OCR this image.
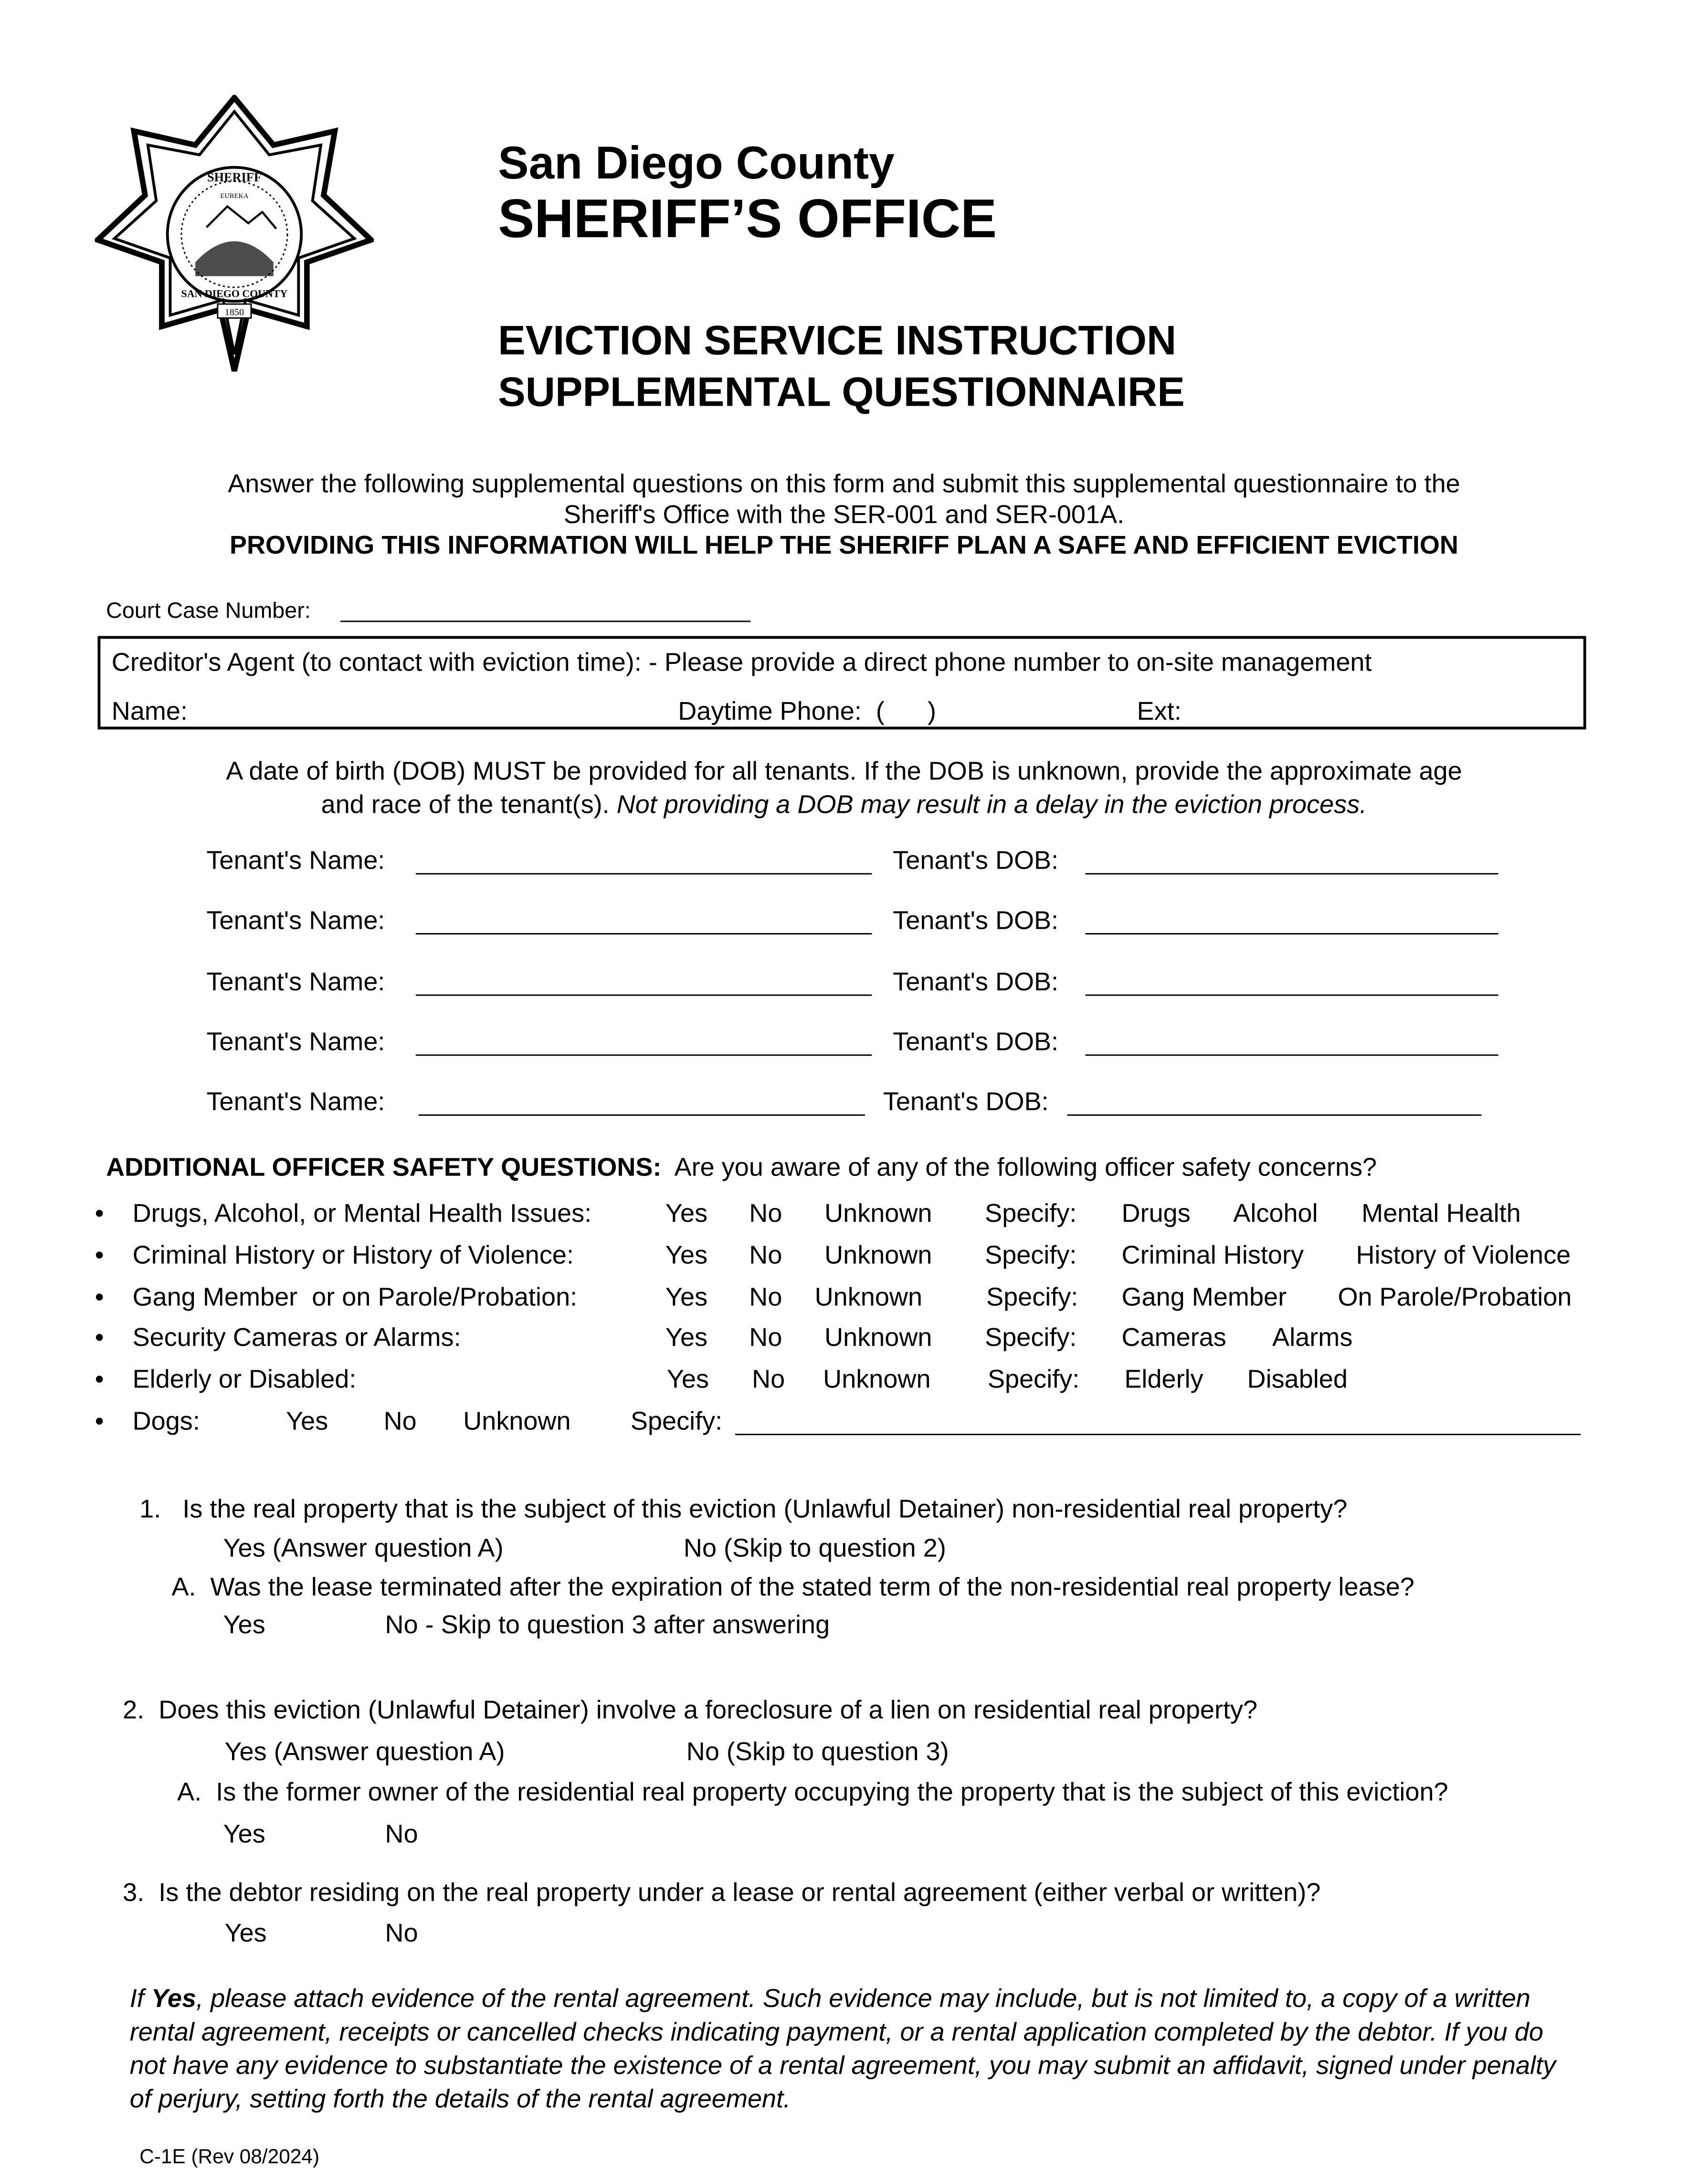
SHERIFF
EUREKA
SAN DIEGO COUNTY
1850
San Diego County
SHERIFF’S OFFICE
EVICTION SERVICE INSTRUCTION
SUPPLEMENTAL QUESTIONNAIRE
Answer the following supplemental questions on this form and submit this supplemental questionnaire to the
Sheriff's Office with the SER-001 and SER-001A.
PROVIDING THIS INFORMATION WILL HELP THE SHERIFF PLAN A SAFE AND EFFICIENT EVICTION
Court Case Number:
Creditor's Agent (to contact with eviction time): - Please provide a direct phone number to on-site management
Name:	Daytime Phone:  (      )	Ext:
A date of birth (DOB) MUST be provided for all tenants. If the DOB is unknown, provide the approximate age
and race of the tenant(s). Not providing a DOB may result in a delay in the eviction process.
Tenant's Name:	Tenant's DOB:
Tenant's Name:	Tenant's DOB:
Tenant's Name:	Tenant's DOB:
Tenant's Name:	Tenant's DOB:
Tenant's Name:	Tenant's DOB:
ADDITIONAL OFFICER SAFETY QUESTIONS: Are you aware of any of the following officer safety concerns?
•	Drugs, Alcohol, or Mental Health Issues:	Yes	No	Unknown	Specify:	Drugs	Alcohol	Mental Health
•	Criminal History or History of Violence:	Yes	No	Unknown	Specify:	Criminal History	History of Violence
•	Gang Member  or on Parole/Probation:	Yes	No	Unknown	Specify:	Gang Member	On Parole/Probation
•	Security Cameras or Alarms:	Yes	No	Unknown	Specify:	Cameras	Alarms
•	Elderly or Disabled:	Yes	No	Unknown	Specify:	Elderly	Disabled
•	Dogs:	Yes	No	Unknown	Specify:
1.   Is the real property that is the subject of this eviction (Unlawful Detainer) non-residential real property?
Yes (Answer question A)	No (Skip to question 2)
A.  Was the lease terminated after the expiration of the stated term of the non-residential real property lease?
Yes	No - Skip to question 3 after answering
2.  Does this eviction (Unlawful Detainer) involve a foreclosure of a lien on residential real property?
Yes (Answer question A)	No (Skip to question 3)
A.  Is the former owner of the residential real property occupying the property that is the subject of this eviction?
Yes	No
3.  Is the debtor residing on the real property under a lease or rental agreement (either verbal or written)?
Yes	No
If Yes, please attach evidence of the rental agreement. Such evidence may include, but is not limited to, a copy of a written rental agreement, receipts or cancelled checks indicating payment, or a rental application completed by the debtor. If you do not have any evidence to substantiate the existence of a rental agreement, you may submit an affidavit, signed under penalty of perjury, setting forth the details of the rental agreement.
C-1E (Rev 08/2024)
